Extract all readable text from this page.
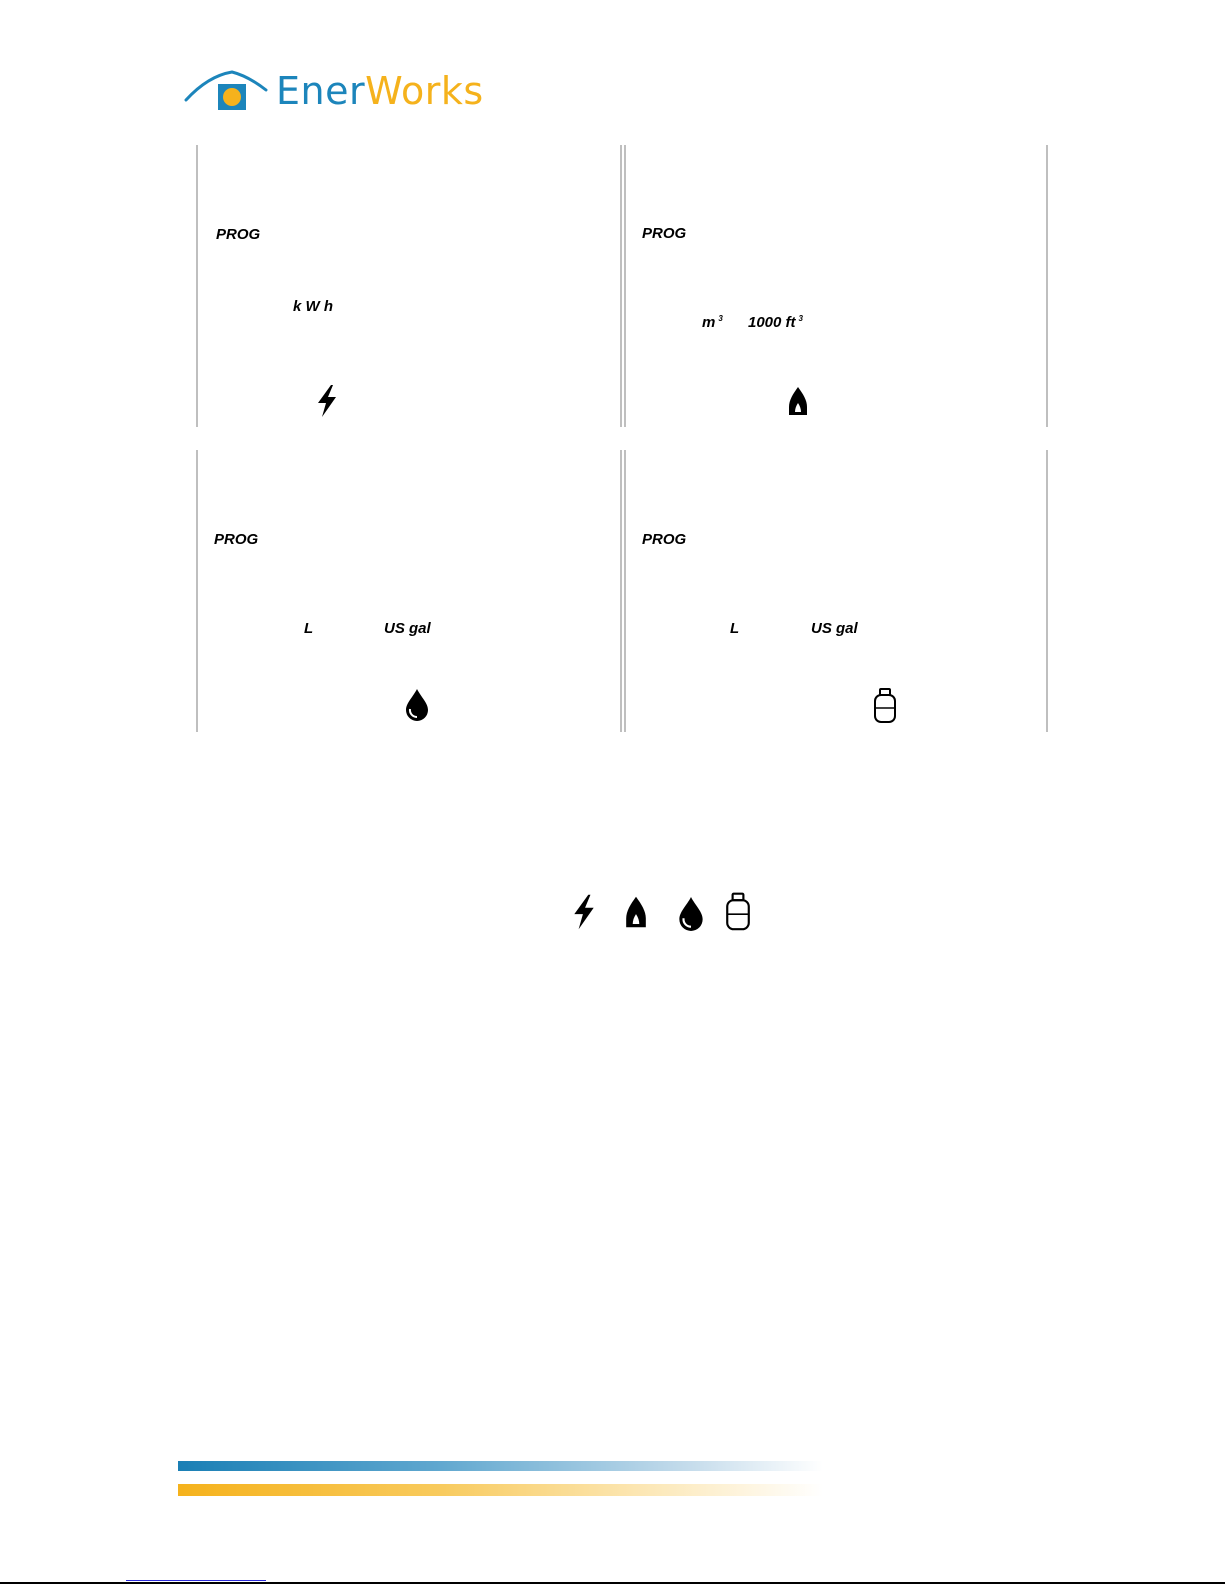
EnerWorks
PROG
k W h
PROG
m $^3$ 1000 ft $^3$
PROG
L	US gal
PROG
L	US gal
